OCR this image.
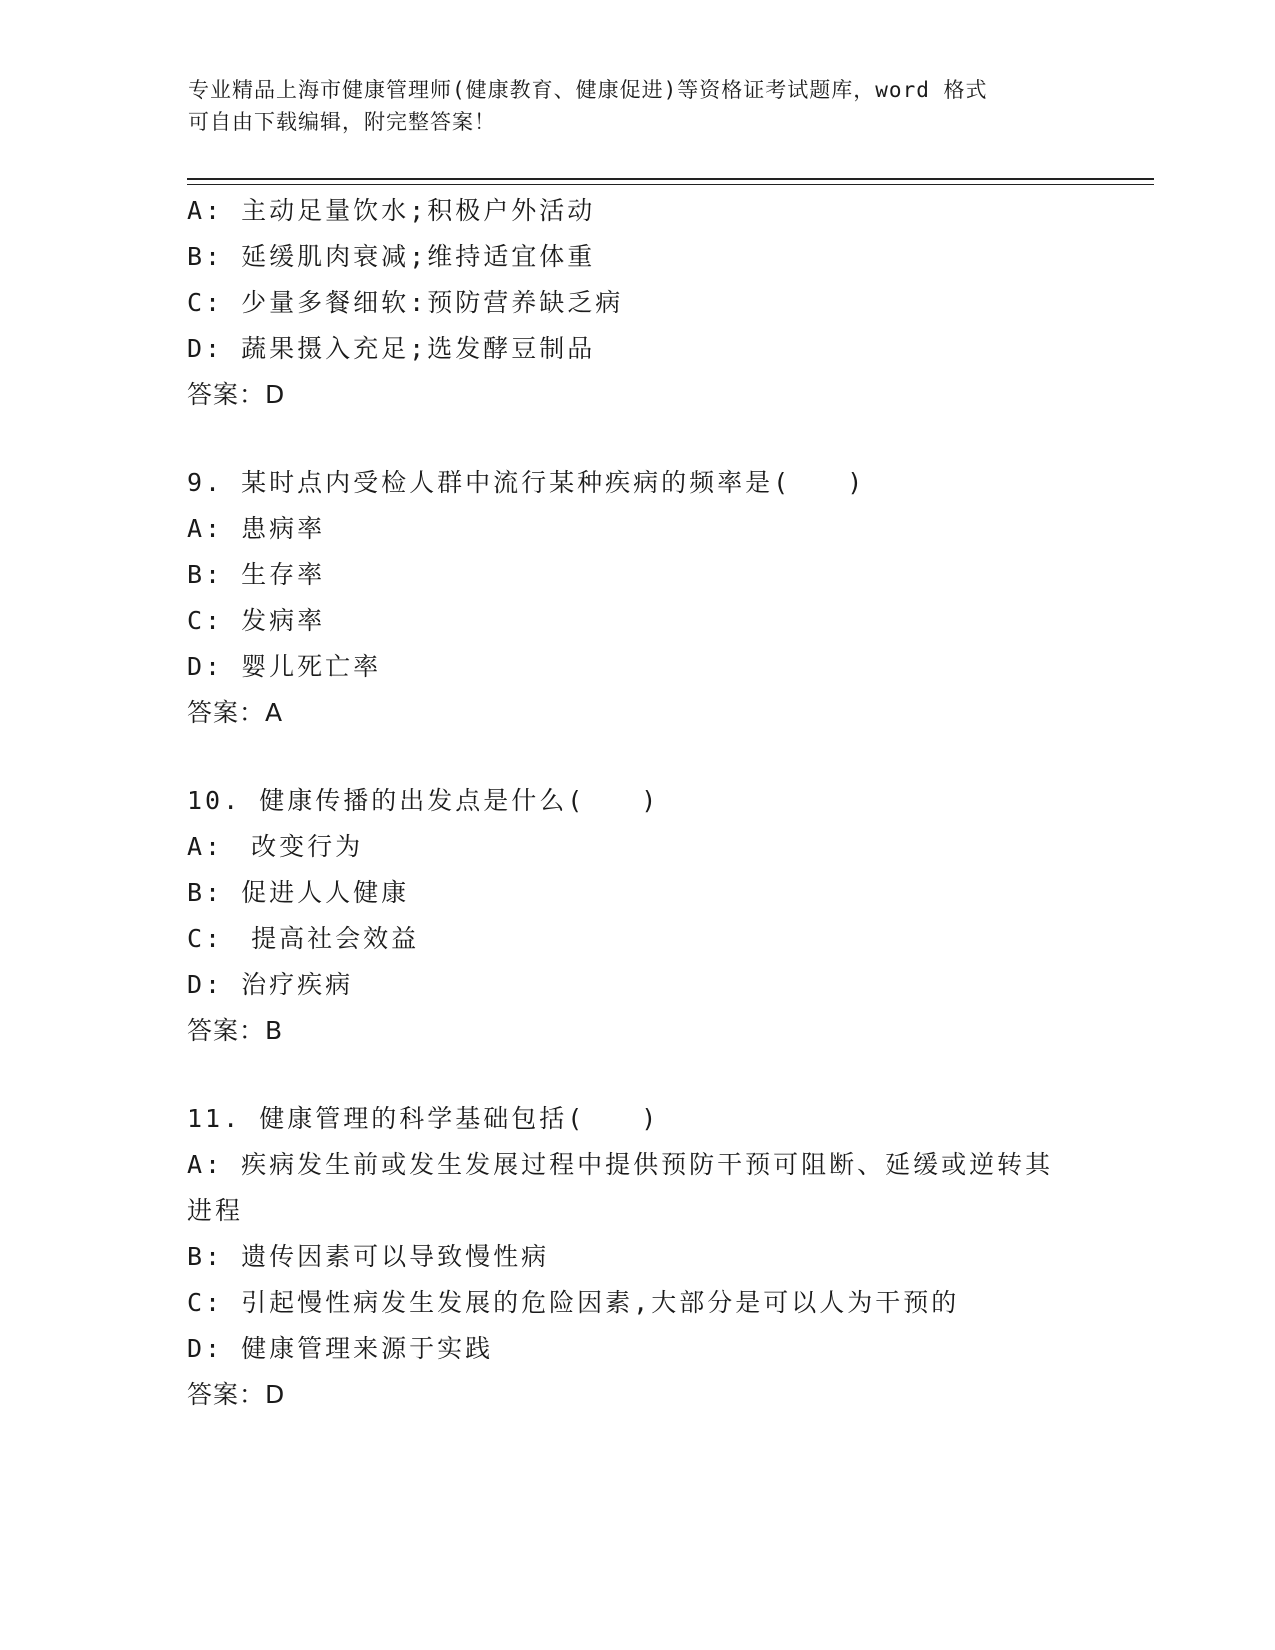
专业精品上海市健康管理师(健康教育、健康促进)等资格证考试题库，word 格式
可自由下载编辑，附完整答案！
A: 主动足量饮水;积极户外活动
B: 延缓肌肉衰减;维持适宜体重
C: 少量多餐细软:预防营养缺乏病
D: 蔬果摄入充足;选发酵豆制品
答案：D
9. 某时点内受检人群中流行某种疾病的频率是(　　)
A: 患病率
B: 生存率
C: 发病率
D: 婴儿死亡率
答案：A
10. 健康传播的出发点是什么(　　)
A:　改变行为
B: 促进人人健康
C:　提高社会效益
D: 治疗疾病
答案：B
11. 健康管理的科学基础包括(　　)
A: 疾病发生前或发生发展过程中提供预防干预可阻断、延缓或逆转其
进程
B: 遗传因素可以导致慢性病
C: 引起慢性病发生发展的危险因素,大部分是可以人为干预的
D: 健康管理来源于实践
答案：D
